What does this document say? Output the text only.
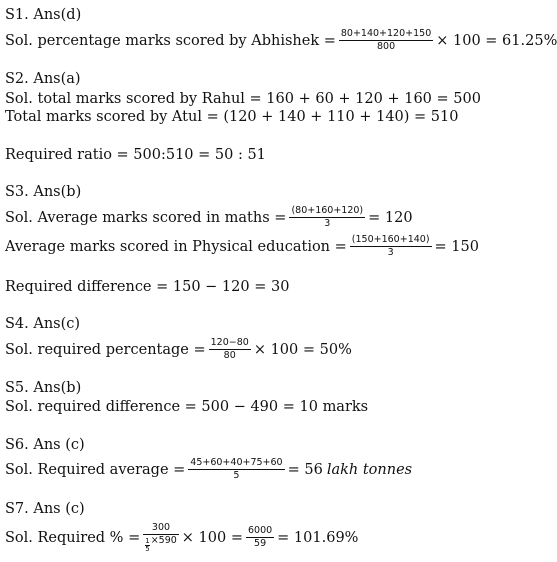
S1. Ans(d)
Sol. percentage marks scored by Abhishek = $\frac{80+140+120+150}{800} \times 100 = 61.25\%$
S2. Ans(a)
Sol. total marks scored by Rahul = 160 + 60 + 120 + 160 = 500
Total marks scored by Atul = (120 + 140 + 110 + 140) = 510
Required ratio = 500:510 = 50 : 51
S3. Ans(b)
Sol. Average marks scored in maths = $\frac{(80+160+120)}{3} = 120$
Average marks scored in Physical education = $\frac{(150+160+140)}{3} = 150$
Required difference = 150 − 120 = 30
S4. Ans(c)
Sol. required percentage = $\frac{120-80}{80} \times 100 = 50\%$
S5. Ans(b)
Sol. required difference = 500 − 490 = 10 marks
S6. Ans (c)
Sol. Required average = $\frac{45+60+40+75+60}{5} = 56$ lakh tonnes
S7. Ans (c)
Sol. Required % = $\frac{300}{\frac{1}{5} \times 590} \times 100 = \frac{6000}{59} = 101.69\%$
